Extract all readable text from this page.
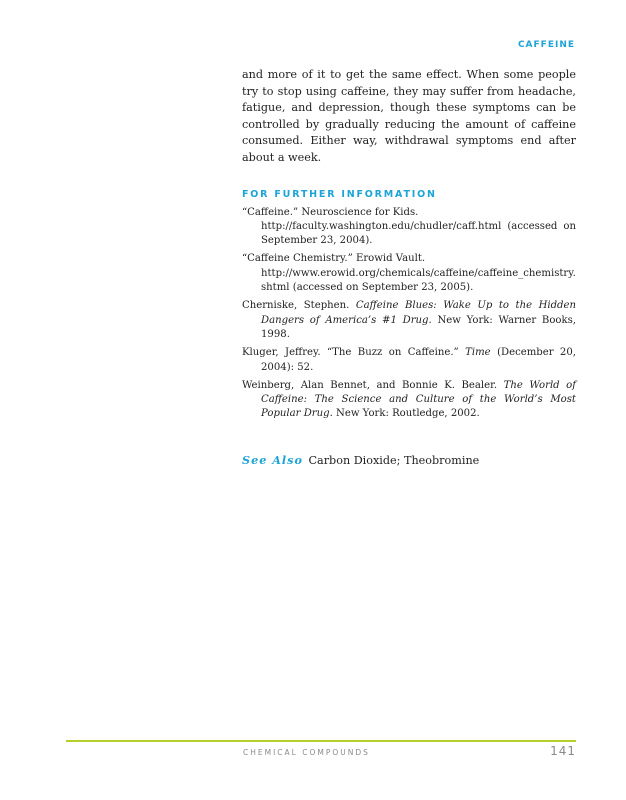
CAFFEINE

and more of it to get the same effect. When some people try to stop using caffeine, they may suffer from headache, fatigue, and depression, though these symptoms can be controlled by gradually reducing the amount of caffeine consumed. Either way, withdrawal symptoms end after about a week.

FOR FURTHER INFORMATION
“Caffeine.” Neuroscience for Kids.
http://faculty.washington.edu/chudler/caff.html (accessed on September 23, 2004).
“Caffeine Chemistry.” Erowid Vault.
http://www.erowid.org/chemicals/caffeine/caffeine_chemistry.shtml (accessed on September 23, 2005).
Cherniske, Stephen. Caffeine Blues: Wake Up to the Hidden Dangers of America’s #1 Drug. New York: Warner Books, 1998.
Kluger, Jeffrey. “The Buzz on Caffeine.” Time (December 20, 2004): 52.
Weinberg, Alan Bennet, and Bonnie K. Bealer. The World of Caffeine: The Science and Culture of the World’s Most Popular Drug. New York: Routledge, 2002.

See Also Carbon Dioxide; Theobromine

CHEMICAL COMPOUNDS	141
